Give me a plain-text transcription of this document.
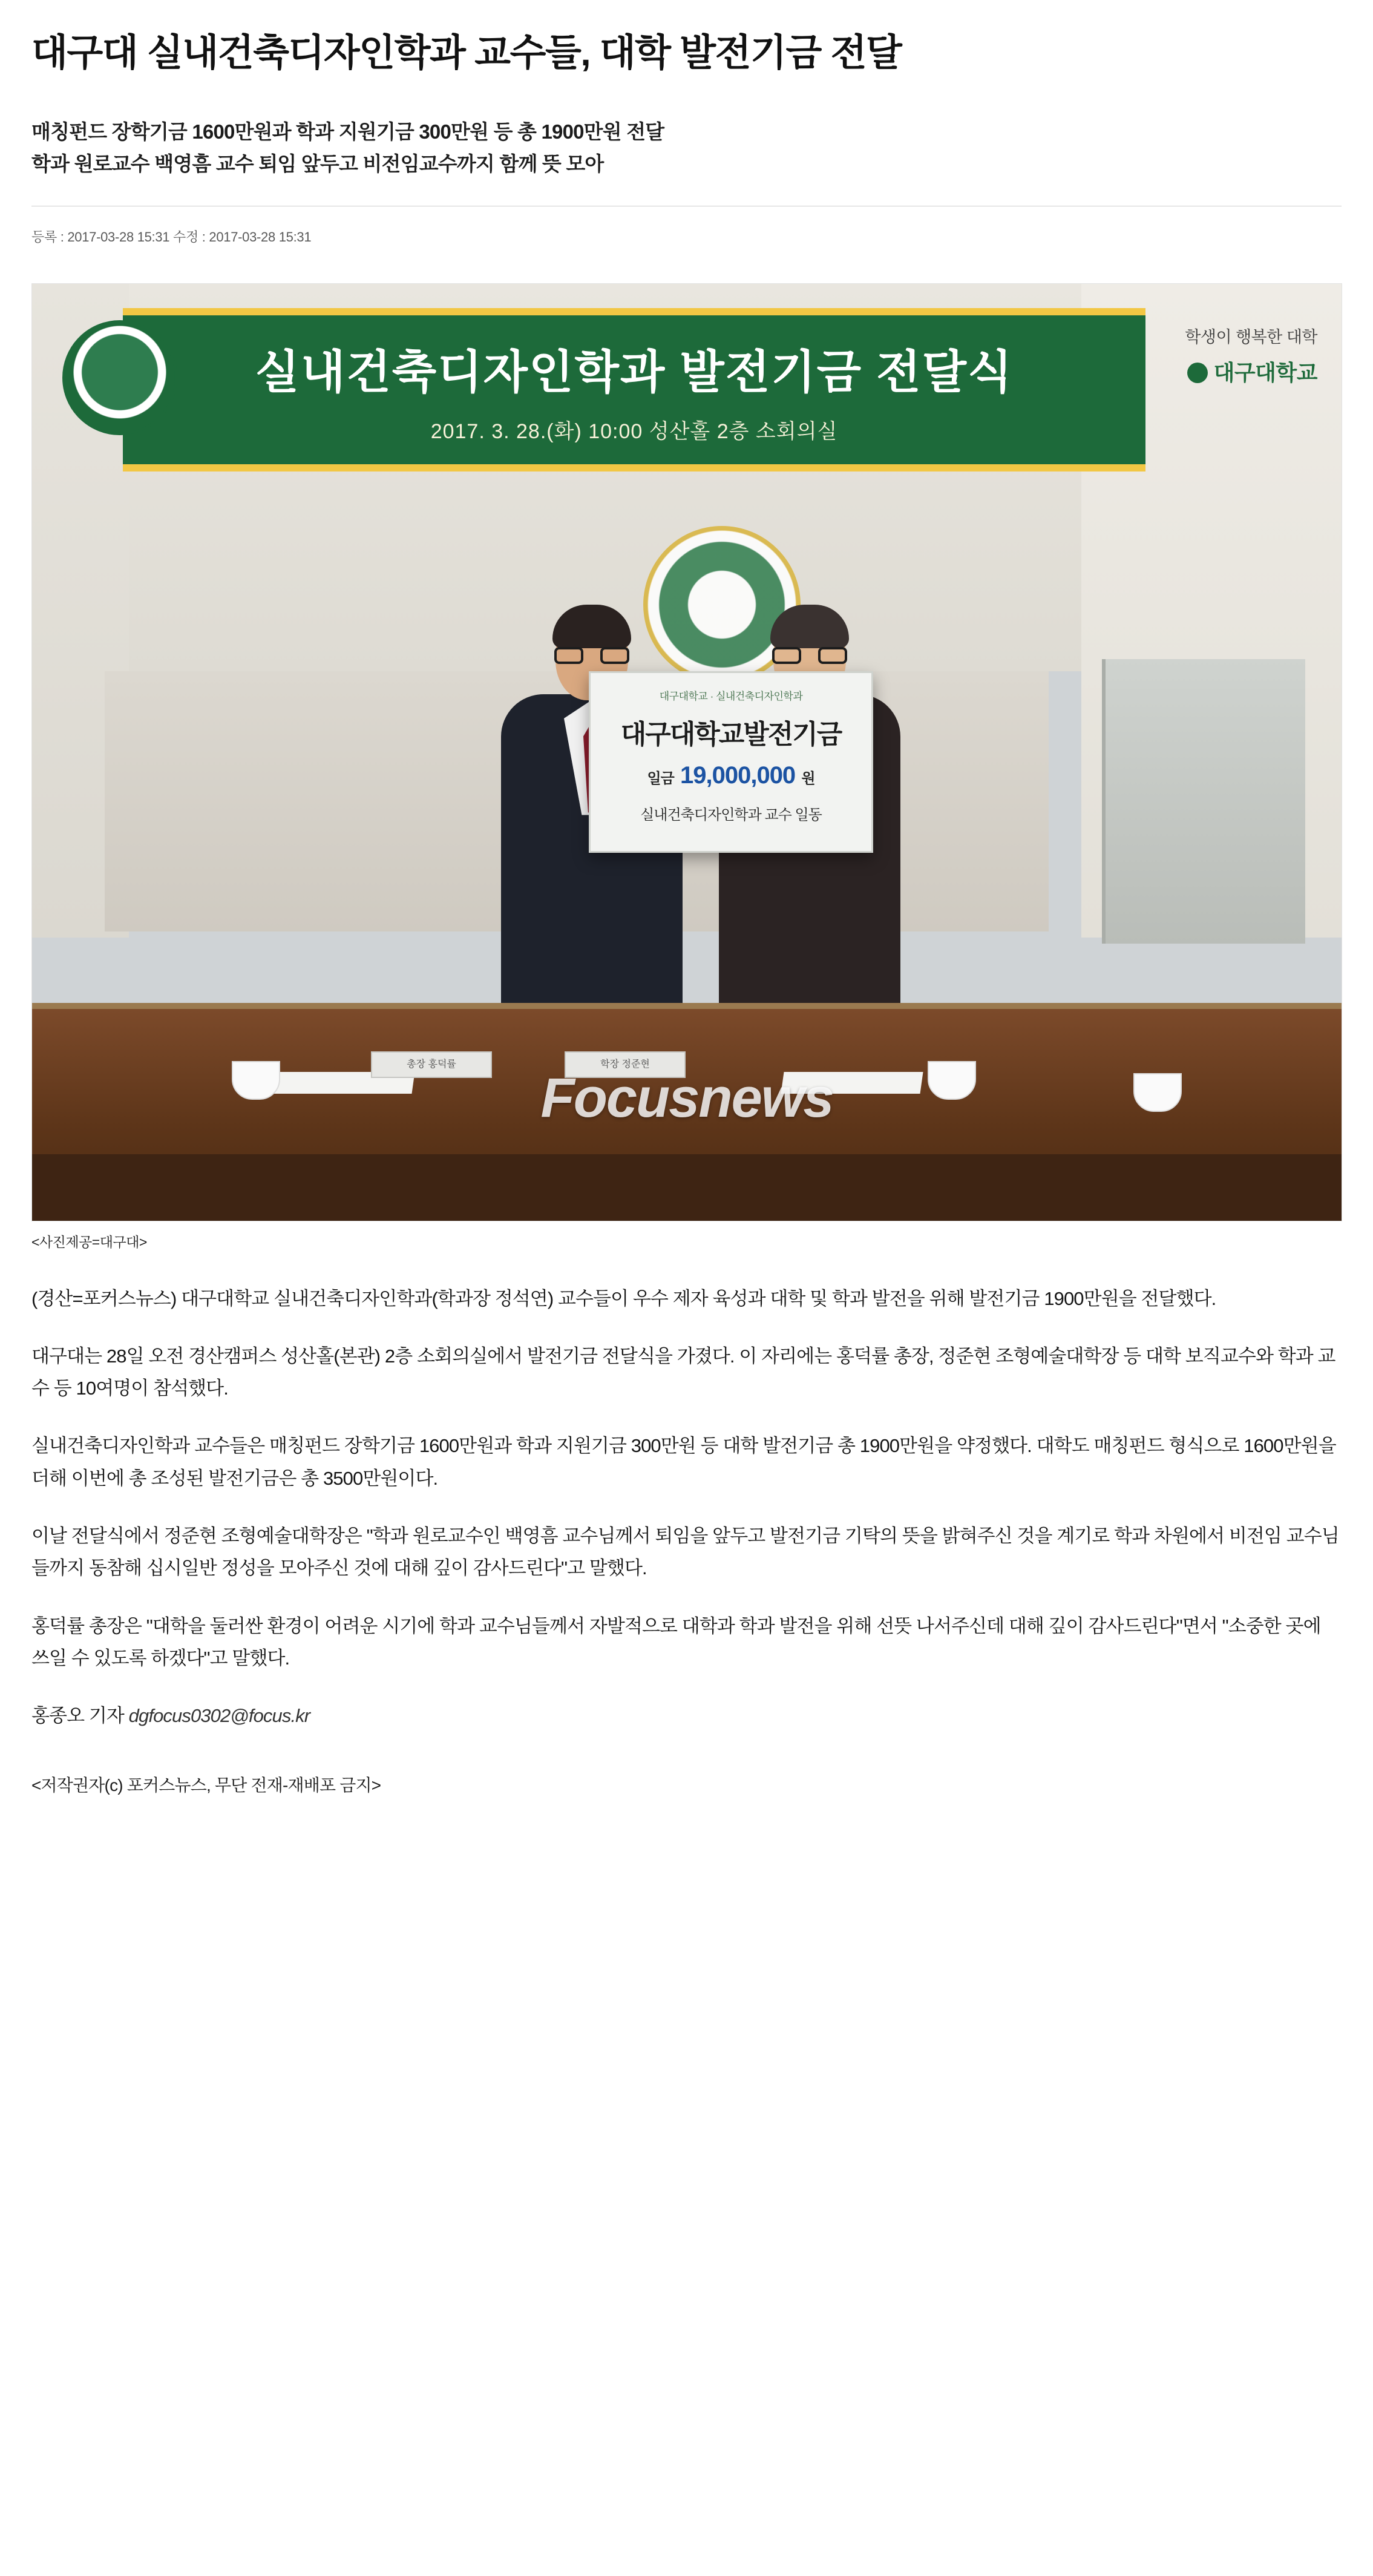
대구대 실내건축디자인학과 교수들, 대학 발전기금 전달
매칭펀드 장학기금 1600만원과 학과 지원기금 300만원 등 총 1900만원 전달
학과 원로교수 백영흠 교수 퇴임 앞두고 비전임교수까지 함께 뜻 모아
등록 : 2017-03-28 15:31 수정 : 2017-03-28 15:31
실내건축디자인학과 발전기금 전달식
2017. 3. 28.(화) 10:00 성산홀 2층 소회의실
학생이 행복한 대학
대구대학교
대구대학교 · 실내건축디자인학과
대구대학교발전기금
일금 19,000,000 원
실내건축디자인학과 교수 일동
총장 홍덕률	학장 정준현
Focusnews
<사진제공=대구대>

(경산=포커스뉴스) 대구대학교 실내건축디자인학과(학과장 정석연) 교수들이 우수 제자 육성과 대학 및 학과 발전을 위해 발전기금 1900만원을 전달했다.

대구대는 28일 오전 경산캠퍼스 성산홀(본관) 2층 소회의실에서 발전기금 전달식을 가졌다. 이 자리에는 홍덕률 총장, 정준현 조형예술대학장 등 대학 보직교수와 학과 교수 등 10여명이 참석했다.

실내건축디자인학과 교수들은 매칭펀드 장학기금 1600만원과 학과 지원기금 300만원 등 대학 발전기금 총 1900만원을 약정했다. 대학도 매칭펀드 형식으로 1600만원을 더해 이번에 총 조성된 발전기금은 총 3500만원이다.

이날 전달식에서 정준현 조형예술대학장은 "학과 원로교수인 백영흠 교수님께서 퇴임을 앞두고 발전기금 기탁의 뜻을 밝혀주신 것을 계기로 학과 차원에서 비전임 교수님들까지 동참해 십시일반 정성을 모아주신 것에 대해 깊이 감사드린다"고 말했다.

홍덕률 총장은 "대학을 둘러싼 환경이 어려운 시기에 학과 교수님들께서 자발적으로 대학과 학과 발전을 위해 선뜻 나서주신데 대해 깊이 감사드린다"면서 "소중한 곳에 쓰일 수 있도록 하겠다"고 말했다.

홍종오 기자 dgfocus0302@focus.kr

<저작권자(c) 포커스뉴스, 무단 전재-재배포 금지>
